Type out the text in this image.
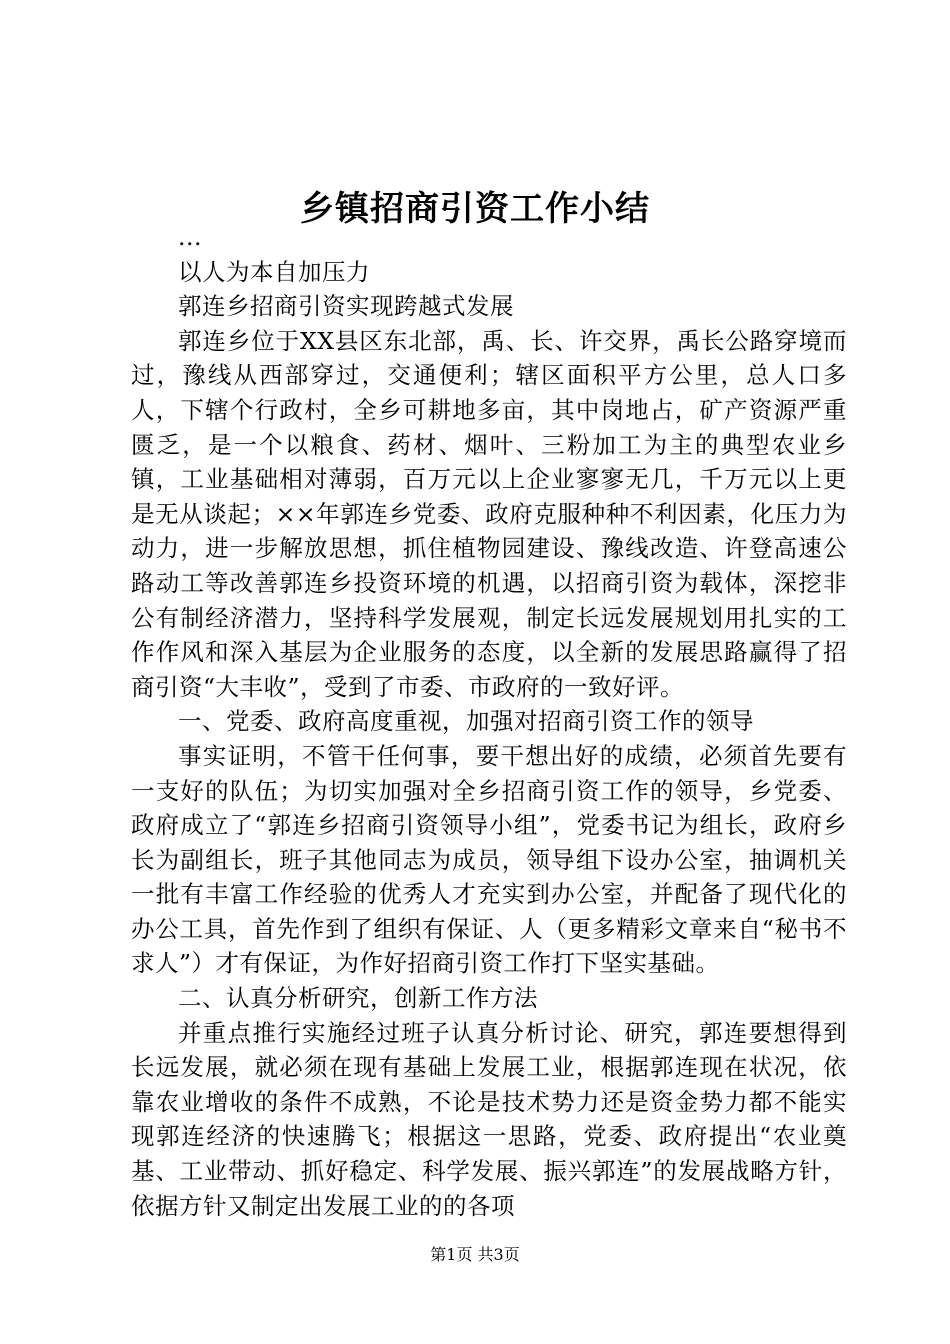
乡镇招商引资工作小结

...

以人为本自加压力

郭连乡招商引资实现跨越式发展

郭连乡位于XX县区东北部，禹、长、许交界，禹长公路穿境而过，豫线从西部穿过，交通便利；辖区面积平方公里，总人口多人，下辖个行政村，全乡可耕地多亩，其中岗地占，矿产资源严重匮乏，是一个以粮食、药材、烟叶、三粉加工为主的典型农业乡镇，工业基础相对薄弱，百万元以上企业寥寥无几，千万元以上更是无从谈起；××年郭连乡党委、政府克服种种不利因素，化压力为动力，进一步解放思想，抓住植物园建设、豫线改造、许登高速公路动工等改善郭连乡投资环境的机遇，以招商引资为载体，深挖非公有制经济潜力，坚持科学发展观，制定长远发展规划用扎实的工作作风和深入基层为企业服务的态度，以全新的发展思路赢得了招商引资“大丰收”，受到了市委、市政府的一致好评。

一、党委、政府高度重视，加强对招商引资工作的领导

事实证明，不管干任何事，要干想出好的成绩，必须首先要有一支好的队伍；为切实加强对全乡招商引资工作的领导，乡党委、政府成立了“郭连乡招商引资领导小组”，党委书记为组长，政府乡长为副组长，班子其他同志为成员，领导组下设办公室，抽调机关一批有丰富工作经验的优秀人才充实到办公室，并配备了现代化的办公工具，首先作到了组织有保证、人（更多精彩文章来自“秘书不求人”）才有保证，为作好招商引资工作打下坚实基础。

二、认真分析研究，创新工作方法

并重点推行实施经过班子认真分析讨论、研究，郭连要想得到长远发展，就必须在现有基础上发展工业，根据郭连现在状况，依靠农业增收的条件不成熟，不论是技术势力还是资金势力都不能实现郭连经济的快速腾飞；根据这一思路，党委、政府提出“农业奠基、工业带动、抓好稳定、科学发展、振兴郭连”的发展战略方针，依据方针又制定出发展工业的的各项

第1页 共3页
